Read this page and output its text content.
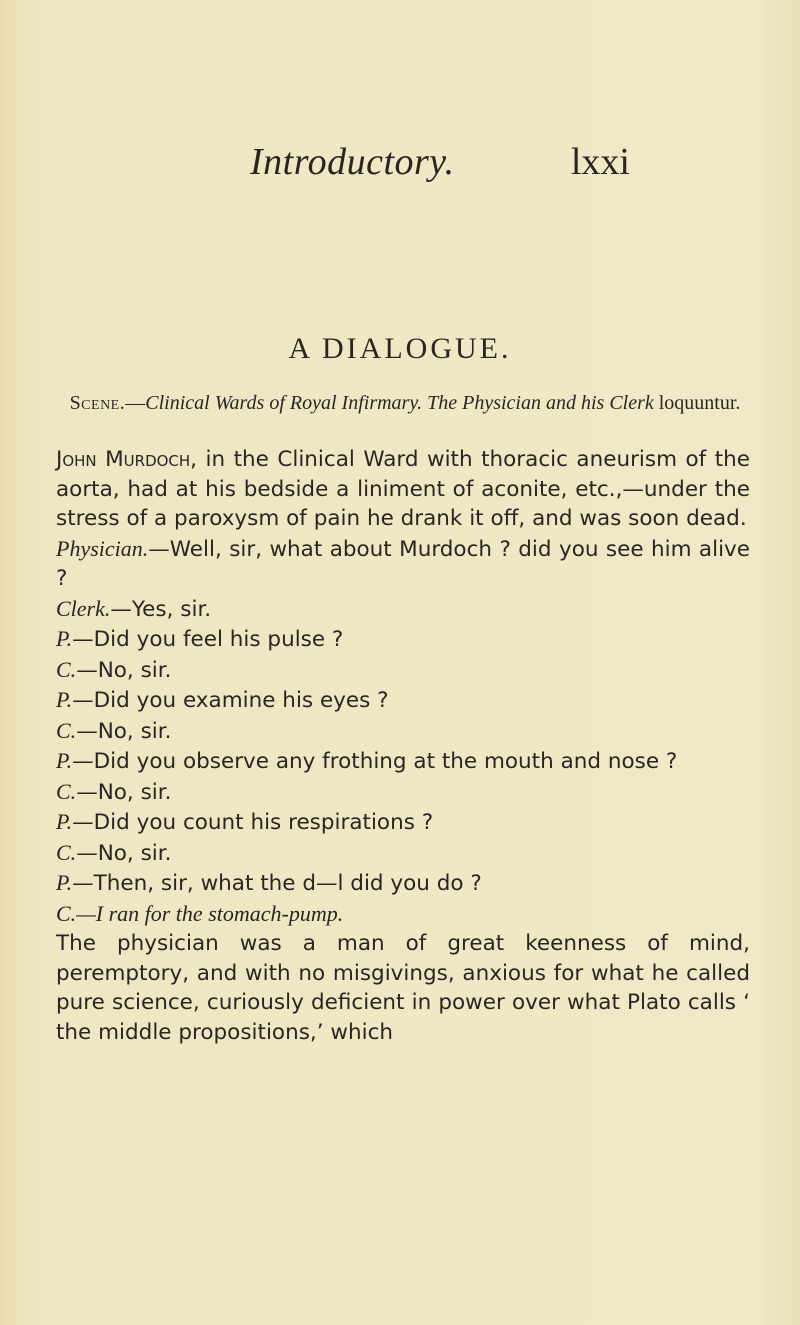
Introductory.	lxxi
A DIALOGUE.
Scene.—Clinical Wards of Royal Infirmary. The Physician and his Clerk loquuntur.

John Murdoch, in the Clinical Ward with thoracic aneurism of the aorta, had at his bedside a liniment of aconite, etc.,—under the stress of a paroxysm of pain he drank it off, and was soon dead.

Physician.—Well, sir, what about Murdoch ? did you see him alive ?

Clerk.—Yes, sir.

P.—Did you feel his pulse ?

C.—No, sir.

P.—Did you examine his eyes ?

C.—No, sir.

P.—Did you observe any frothing at the mouth and nose ?

C.—No, sir.

P.—Did you count his respirations ?

C.—No, sir.

P.—Then, sir, what the d—l did you do ?

C.—I ran for the stomach-pump.

The physician was a man of great keenness of mind, peremptory, and with no misgivings, anxious for what he called pure science, curiously deficient in power over what Plato calls ‘ the middle propositions,’ which
